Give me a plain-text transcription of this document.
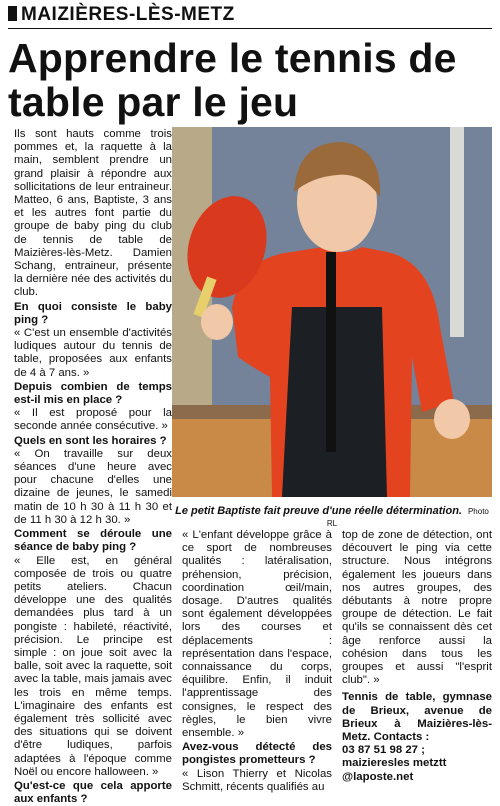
MAIZIÈRES-LÈS-METZ
Apprendre le tennis de table par le jeu

Ils sont hauts comme trois pommes et, la raquette à la main, semblent prendre un grand plaisir à répondre aux sollicitations de leur entraineur. Matteo, 6 ans, Baptiste, 3 ans et les autres font partie du groupe de baby ping du club de tennis de table de Maizières-lès-Metz. Damien Schang, entraineur, présente la dernière née des activités du club.

En quoi consiste le baby ping ?

« C'est un ensemble d'activités ludiques autour du tennis de table, proposées aux enfants de 4 à 7 ans. »

Depuis combien de temps est-il mis en place ?

« Il est proposé pour la seconde année consécutive. »

Quels en sont les horaires ?

« On travaille sur deux séances d'une heure avec pour chacune d'elles une dizaine de jeunes, le samedi matin de 10 h 30 à 11 h 30 et de 11 h 30 à 12 h 30. »

Comment se déroule une séance de baby ping ?

« Elle est, en général composée de trois ou quatre petits ateliers. Chacun développe une des qualités demandées plus tard à un pongiste : habileté, réactivité, précision. Le principe est simple : on joue soit avec la balle, soit avec la raquette, soit avec la table, mais jamais avec les trois en même temps. L'imaginaire des enfants est également très sollicité avec des situations qui se doivent d'être ludiques, parfois adaptées à l'époque comme Noël ou encore halloween. »

Qu'est-ce que cela apporte aux enfants ?

Le petit Baptiste fait preuve d'une réelle détermination. Photo RL

« L'enfant développe grâce à ce sport de nombreuses qualités : latéralisation, préhension, précision, coordination œil/main, dosage. D'autres qualités sont également développées lors des courses et déplacements : représentation dans l'espace, connaissance du corps, équilibre. Enfin, il induit l'apprentissage des consignes, le respect des règles, le bien vivre ensemble. »

Avez-vous détecté des pongistes prometteurs ?

« Lison Thierry et Nicolas Schmitt, récents qualifiés au

top de zone de détection, ont découvert le ping via cette structure. Nous intégrons également les joueurs dans nos autres groupes, des débutants à notre propre groupe de détection. Le fait qu'ils se connaissent dès cet âge renforce aussi la cohésion dans tous les groupes et aussi "l'esprit club". »

Tennis de table, gymnase de Brieux, avenue de Brieux à Maizières-lès-Metz. Contacts :

03 87 51 98 27 ;

maizieresles metztt

@laposte.net
